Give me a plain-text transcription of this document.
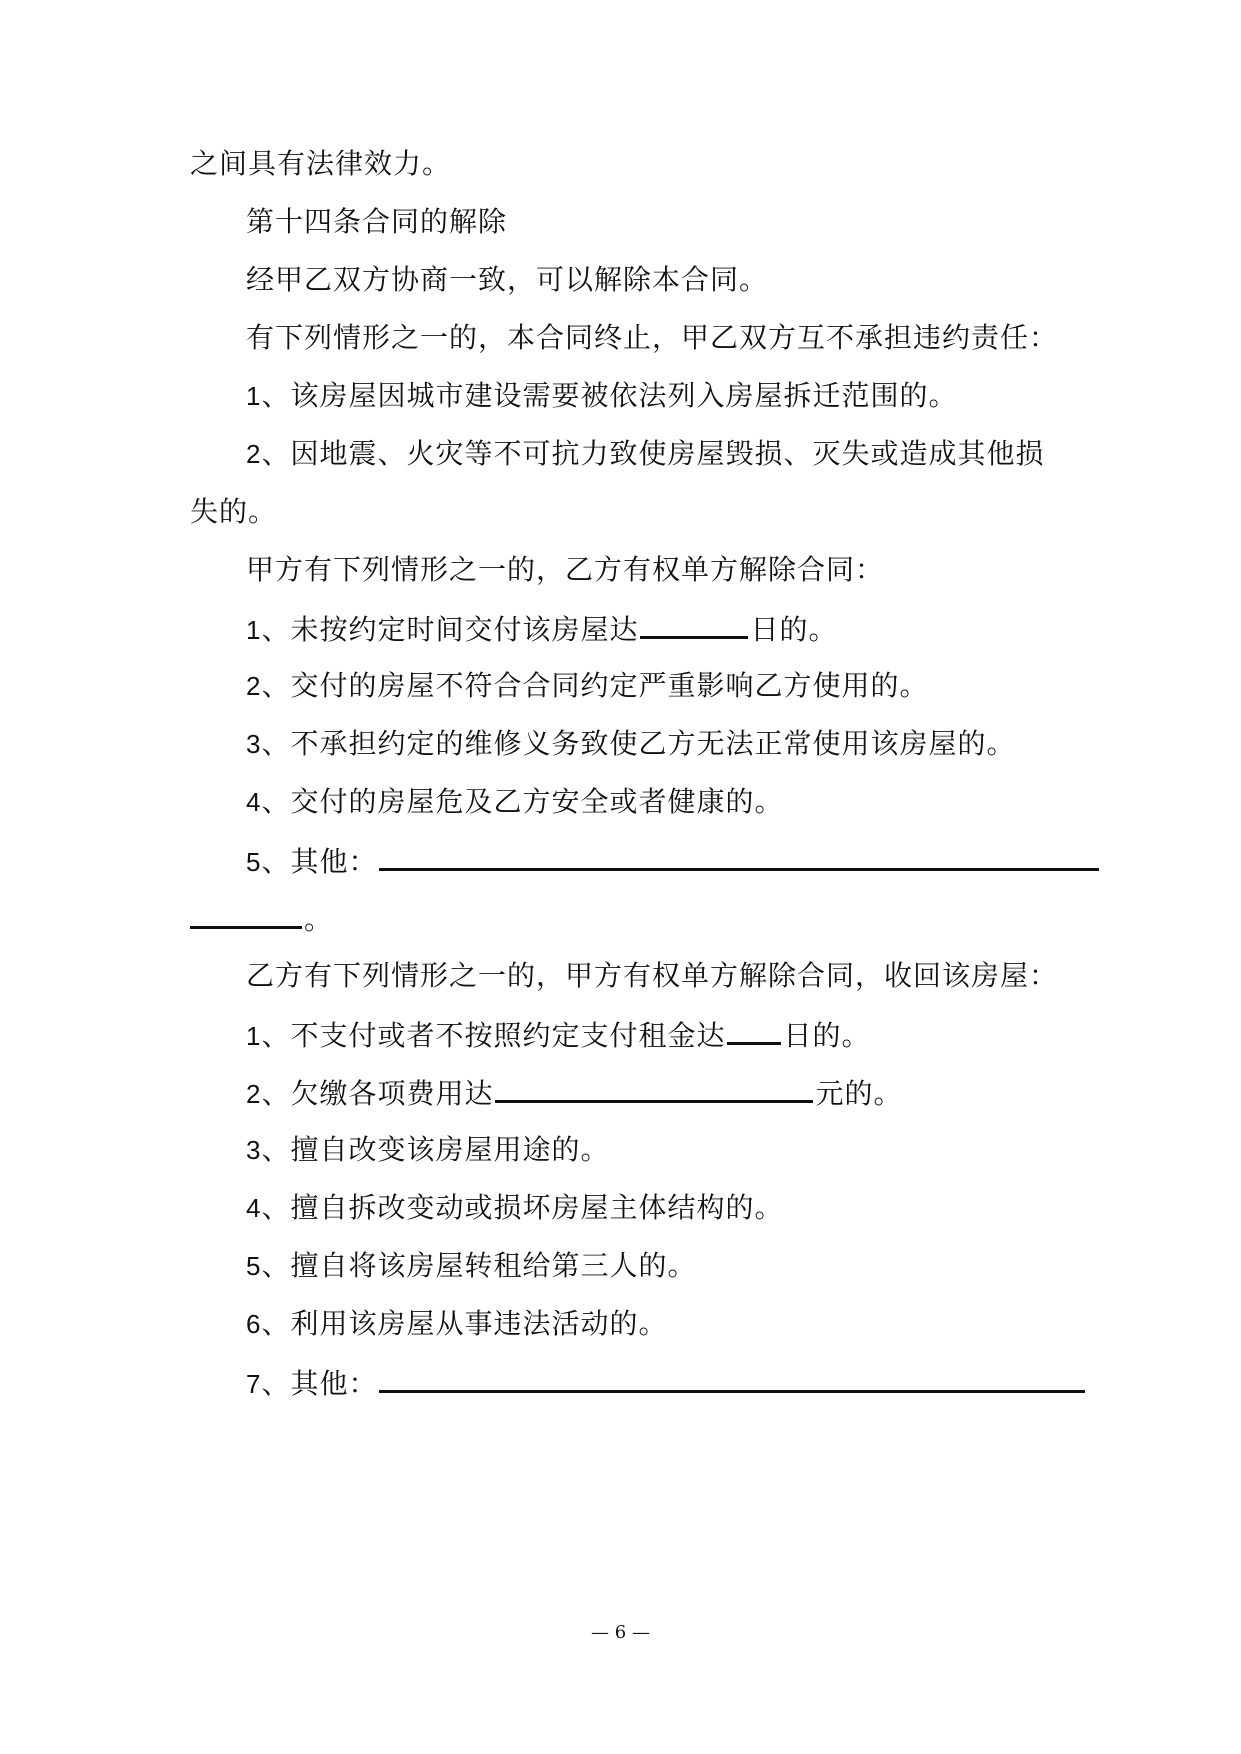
之间具有法律效力。
第十四条合同的解除
经甲乙双方协商一致，可以解除本合同。
有下列情形之一的，本合同终止，甲乙双方互不承担违约责任：
1、该房屋因城市建设需要被依法列入房屋拆迁范围的。
2、因地震、火灾等不可抗力致使房屋毁损、灭失或造成其他损
失的。
甲方有下列情形之一的，乙方有权单方解除合同：
1、未按约定时间交付该房屋达	日的。
2、交付的房屋不符合合同约定严重影响乙方使用的。
3、不承担约定的维修义务致使乙方无法正常使用该房屋的。
4、交付的房屋危及乙方安全或者健康的。
5、其他：
。
乙方有下列情形之一的，甲方有权单方解除合同，收回该房屋：
1、不支付或者不按照约定支付租金达 日的。
2、欠缴各项费用达	元的。
3、擅自改变该房屋用途的。
4、擅自拆改变动或损坏房屋主体结构的。
5、擅自将该房屋转租给第三人的。
6、利用该房屋从事违法活动的。
7、其他：
— 6 —
